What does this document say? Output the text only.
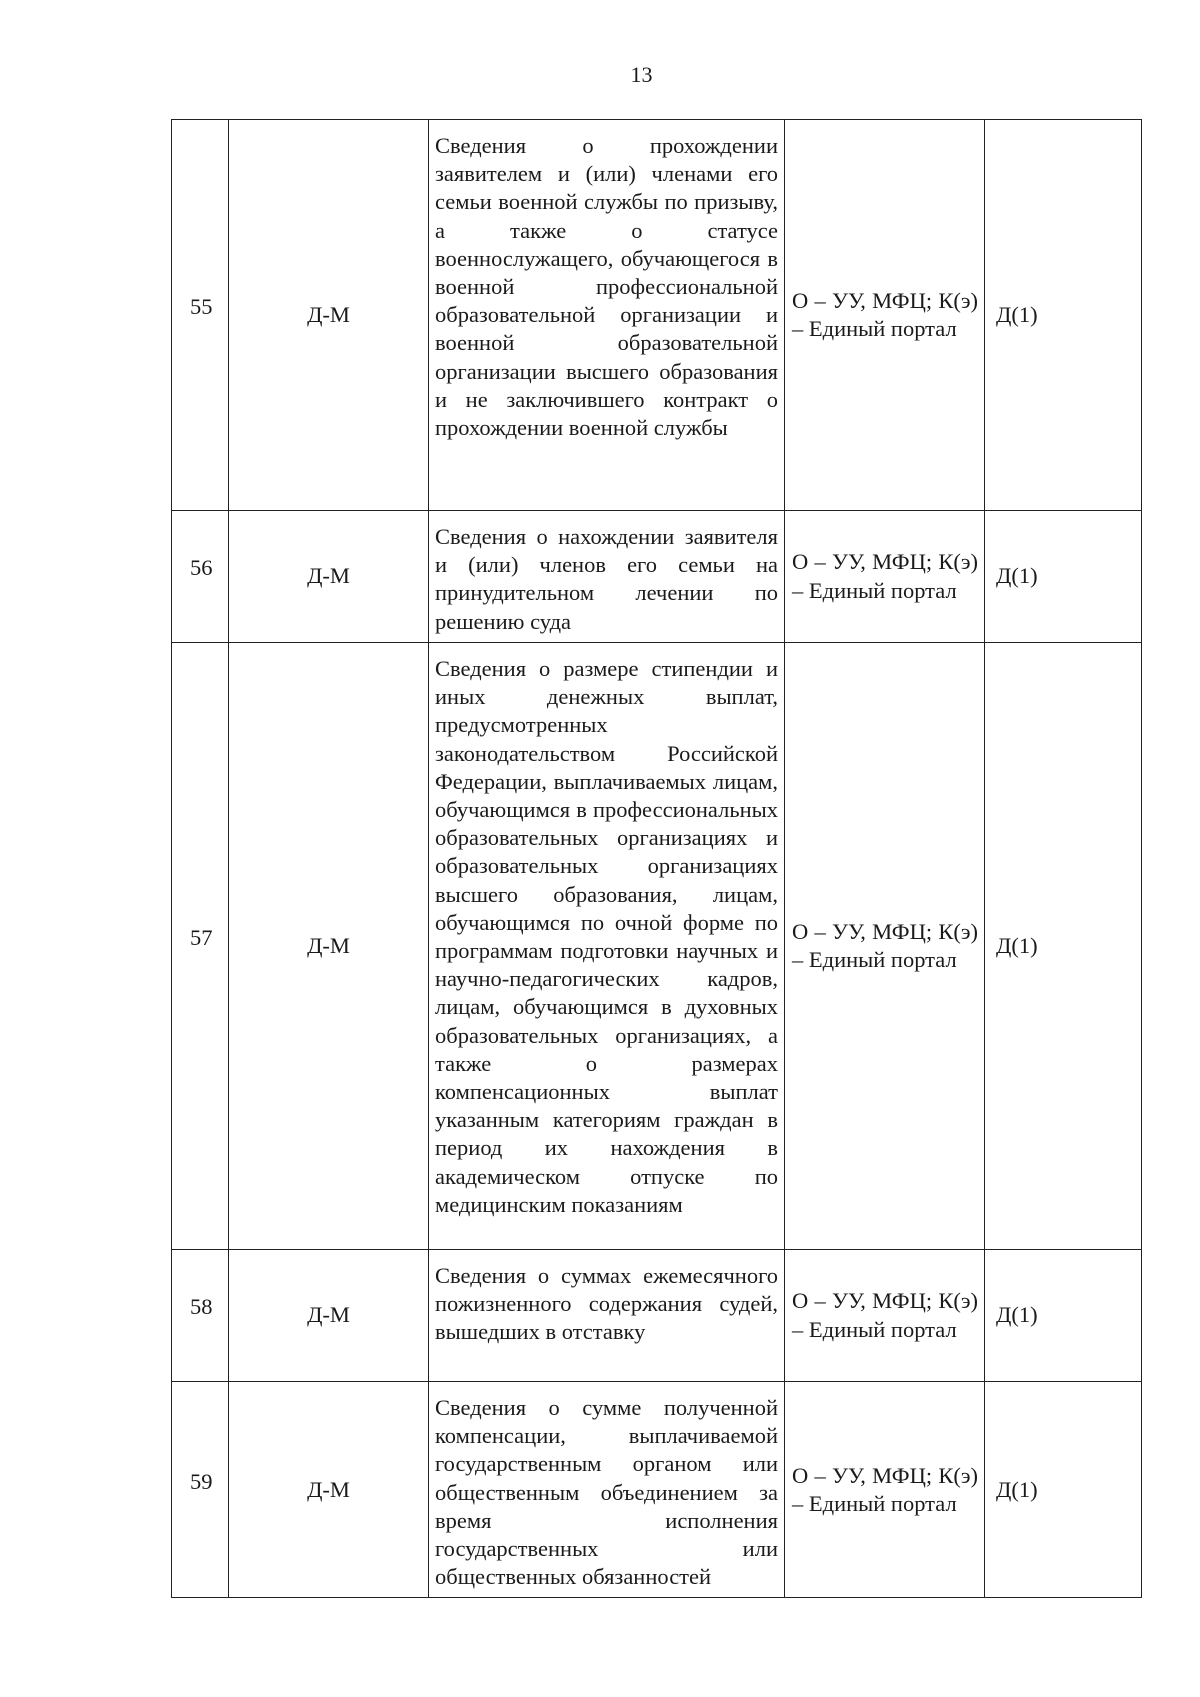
13
55	Д-М	Сведения о прохождении заявителем и (или) членами его семьи военной службы по призыву, а также о статусе военнослужащего, обучающегося в военной профессиональной образовательной организации и военной образовательной организации высшего образования и не заключившего контракт о прохождении военной службы	О – УУ, МФЦ; К(э) – Единый портал	Д(1)
56	Д-М	Сведения о нахождении заявителя и (или) членов его семьи на принудительном лечении по решению суда	О – УУ, МФЦ; К(э) – Единый портал	Д(1)
57	Д-М	Сведения о размере стипендии и иных денежных выплат, предусмотренных законодательством Российской Федерации, выплачиваемых лицам, обучающимся в профессиональных образовательных организациях и образовательных организациях высшего образования, лицам, обучающимся по очной форме по программам подготовки научных и научно-педагогических кадров, лицам, обучающимся в духовных образовательных организациях, а также о размерах компенсационных выплат указанным категориям граждан в период их нахождения в академическом отпуске по медицинским показаниям	О – УУ, МФЦ; К(э) – Единый портал	Д(1)
58	Д-М	Сведения о суммах ежемесячного пожизненного содержания судей, вышедших в отставку	О – УУ, МФЦ; К(э) – Единый портал	Д(1)
59	Д-М	Сведения о сумме полученной компенсации, выплачиваемой государственным органом или общественным объединением за время исполнения государственных или общественных обязанностей	О – УУ, МФЦ; К(э) – Единый портал	Д(1)
